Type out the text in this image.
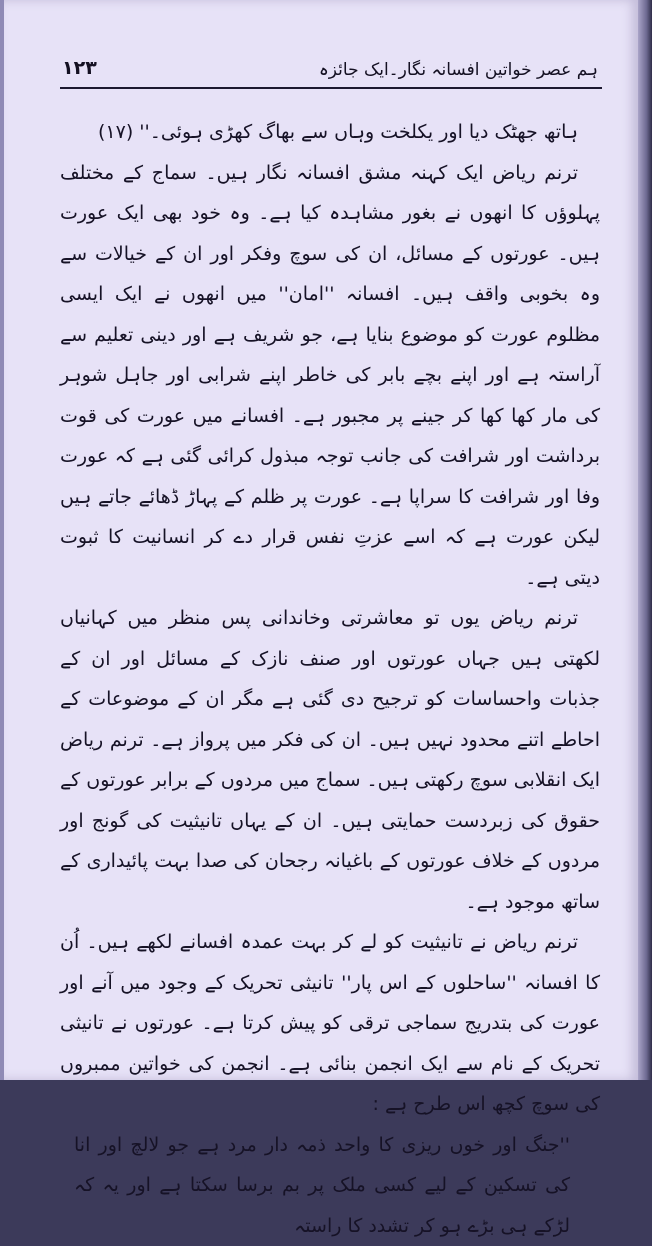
ہم عصر خواتین افسانہ نگار۔ایک جائزہ
۱۲۳

ہاتھ جھٹک دیا اور یکلخت وہاں سے بھاگ کھڑی ہوئی۔'' (۱۷)

ترنم ریاض ایک کہنہ مشق افسانہ نگار ہیں۔ سماج کے مختلف پہلوؤں کا انھوں نے بغور مشاہدہ کیا ہے۔ وہ خود بھی ایک عورت ہیں۔ عورتوں کے مسائل، ان کی سوچ وفکر اور ان کے خیالات سے وہ بخوبی واقف ہیں۔ افسانہ ''امان'' میں انھوں نے ایک ایسی مظلوم عورت کو موضوع بنایا ہے، جو شریف ہے اور دینی تعلیم سے آراستہ ہے اور اپنے بچے بابر کی خاطر اپنے شرابی اور جاہل شوہر کی مار کھا کھا کر جینے پر مجبور ہے۔ افسانے میں عورت کی قوت برداشت اور شرافت کی جانب توجہ مبذول کرائی گئی ہے کہ عورت وفا اور شرافت کا سراپا ہے۔ عورت پر ظلم کے پہاڑ ڈھائے جاتے ہیں لیکن عورت ہے کہ اسے عزتِ نفس قرار دے کر انسانیت کا ثبوت دیتی ہے۔

ترنم ریاض یوں تو معاشرتی وخاندانی پس منظر میں کہانیاں لکھتی ہیں جہاں عورتوں اور صنف نازک کے مسائل اور ان کے جذبات واحساسات کو ترجیح دی گئی ہے مگر ان کے موضوعات کے احاطے اتنے محدود نہیں ہیں۔ ان کی فکر میں پرواز ہے۔ ترنم ریاض ایک انقلابی سوچ رکھتی ہیں۔ سماج میں مردوں کے برابر عورتوں کے حقوق کی زبردست حمایتی ہیں۔ ان کے یہاں تانیثیت کی گونج اور مردوں کے خلاف عورتوں کے باغیانہ رجحان کی صدا بہت پائیداری کے ساتھ موجود ہے۔

ترنم ریاض نے تانیثیت کو لے کر بہت عمدہ افسانے لکھے ہیں۔ اُن کا افسانہ ''ساحلوں کے اس پار'' تانیثی تحریک کے وجود میں آنے اور عورت کی بتدریج سماجی ترقی کو پیش کرتا ہے۔ عورتوں نے تانیثی تحریک کے نام سے ایک انجمن بنائی ہے۔ انجمن کی خواتین ممبروں کی سوچ کچھ اس طرح ہے :

''جنگ اور خوں ریزی کا واحد ذمہ دار مرد ہے جو لالچ اور انا کی تسکین کے لیے کسی ملک پر بم برسا سکتا ہے اور یہ کہ لڑکے ہی بڑے ہو کر تشدد کا راستہ
